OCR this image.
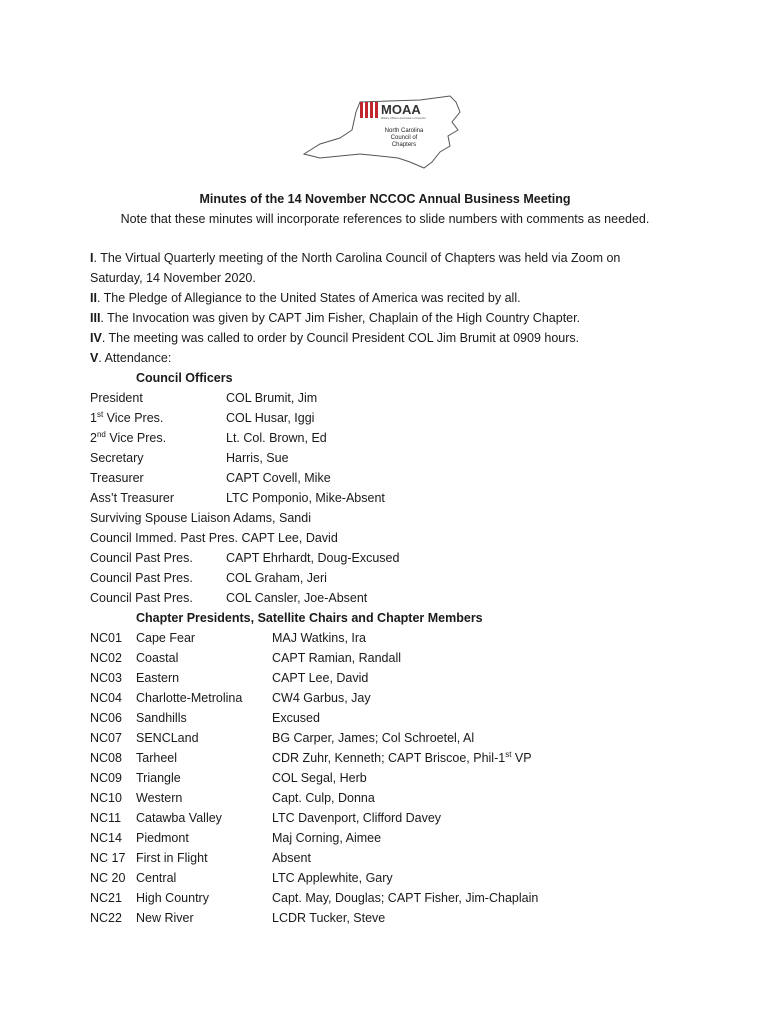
MOAA
Military Officers Association of America
North Carolina
Council of
Chapters
Minutes of the 14 November NCCOC Annual Business Meeting
Note that these minutes will incorporate references to slide numbers with comments as needed.
I. The Virtual Quarterly meeting of the North Carolina Council of Chapters was held via Zoom on
Saturday, 14 November 2020.
II. The Pledge of Allegiance to the United States of America was recited by all.
III. The Invocation was given by CAPT Jim Fisher, Chaplain of the High Country Chapter.
IV. The meeting was called to order by Council President COL Jim Brumit at 0909 hours.
V. Attendance:
Council Officers
President	COL Brumit, Jim
1st Vice Pres.	COL Husar, Iggi
2nd Vice Pres.	Lt. Col. Brown, Ed
Secretary	Harris, Sue
Treasurer	CAPT Covell, Mike
Ass’t Treasurer	LTC Pomponio, Mike-Absent
Surviving Spouse Liaison Adams, Sandi
Council Immed. Past Pres. CAPT Lee, David
Council Past Pres.	CAPT Ehrhardt, Doug-Excused
Council Past Pres.	COL Graham, Jeri
Council Past Pres.	COL Cansler, Joe-Absent
Chapter Presidents, Satellite Chairs and Chapter Members
NC01 Cape Fear	MAJ Watkins, Ira
NC02 Coastal	CAPT Ramian, Randall
NC03 Eastern	CAPT Lee, David
NC04 Charlotte-Metrolina CW4 Garbus, Jay
NC06 Sandhills	Excused
NC07 SENCLand	BG Carper, James; Col Schroetel, Al
NC08 Tarheel	CDR Zuhr, Kenneth; CAPT Briscoe, Phil-1st VP
NC09 Triangle	COL Segal, Herb
NC10 Western	Capt. Culp, Donna
NC11 Catawba Valley	LTC Davenport, Clifford Davey
NC14 Piedmont	Maj Corning, Aimee
NC 17 First in Flight	Absent
NC 20 Central	LTC Applewhite, Gary
NC21 High Country	Capt. May, Douglas; CAPT Fisher, Jim-Chaplain
NC22 New River	LCDR Tucker, Steve
